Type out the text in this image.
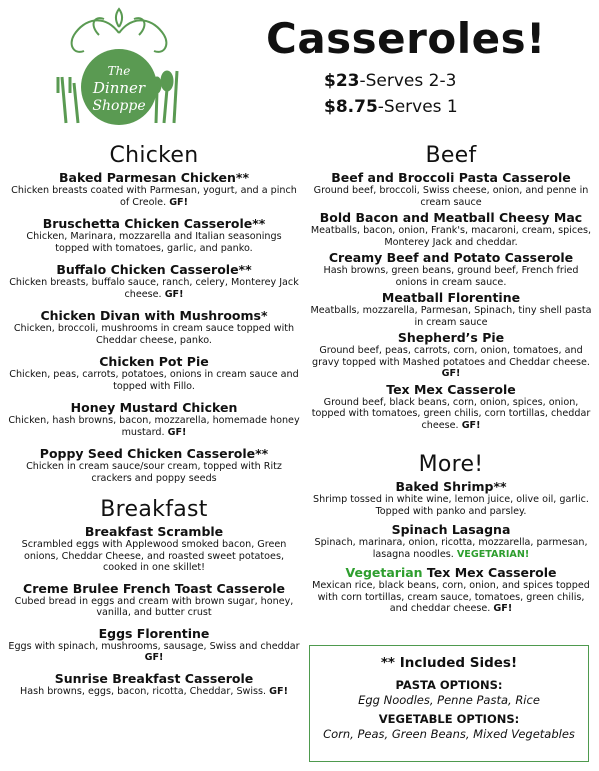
The
Dinner
Shoppe
Casseroles!
$23-Serves 2-3
$8.75-Serves 1
Chicken
Baked Parmesan Chicken**
Chicken breasts coated with Parmesan, yogurt, and a pinch of Creole. GF!
Bruschetta Chicken Casserole**
Chicken, Marinara, mozzarella and Italian seasonings topped with tomatoes, garlic, and panko.
Buffalo Chicken Casserole**
Chicken breasts, buffalo sauce, ranch, celery, Monterey Jack cheese. GF!
Chicken Divan with Mushrooms*
Chicken, broccoli, mushrooms in cream sauce topped with Cheddar cheese, panko.
Chicken Pot Pie
Chicken, peas, carrots, potatoes, onions in cream sauce and topped with Fillo.
Honey Mustard Chicken
Chicken, hash browns, bacon, mozzarella, homemade honey mustard. GF!
Poppy Seed Chicken Casserole**
Chicken in cream sauce/sour cream, topped with Ritz crackers and poppy seeds
Breakfast
Breakfast Scramble
Scrambled eggs with Applewood smoked bacon, Green onions, Cheddar Cheese, and roasted sweet potatoes, cooked in one skillet!
Creme Brulee French Toast Casserole
Cubed bread in eggs and cream with brown sugar, honey, vanilla, and butter crust
Eggs Florentine
Eggs with spinach, mushrooms, sausage, Swiss and cheddar GF!
Sunrise Breakfast Casserole
Hash browns, eggs, bacon, ricotta, Cheddar, Swiss. GF!
Beef
Beef and Broccoli Pasta Casserole
Ground beef, broccoli, Swiss cheese, onion, and penne in cream sauce
Bold Bacon and Meatball Cheesy Mac
Meatballs, bacon, onion, Frank's, macaroni, cream, spices, Monterey Jack and cheddar.
Creamy Beef and Potato Casserole
Hash browns, green beans, ground beef, French fried onions in cream sauce.
Meatball Florentine
Meatballs, mozzarella, Parmesan, Spinach, tiny shell pasta in cream sauce
Shepherd’s Pie
Ground beef, peas, carrots, corn, onion, tomatoes, and gravy topped with Mashed potatoes and Cheddar cheese. GF!
Tex Mex Casserole
Ground beef, black beans, corn, onion, spices, onion, topped with tomatoes, green chilis, corn tortillas, cheddar cheese. GF!
More!
Baked Shrimp**
Shrimp tossed in white wine, lemon juice, olive oil, garlic. Topped with panko and parsley.
Spinach Lasagna
Spinach, marinara, onion, ricotta, mozzarella, parmesan, lasagna noodles. VEGETARIAN!
Vegetarian Tex Mex Casserole
Mexican rice, black beans, corn, onion, and spices topped with corn tortillas, cream sauce, tomatoes, green chilis, and cheddar cheese. GF!
** Included Sides!
PASTA OPTIONS:
Egg Noodles, Penne Pasta, Rice
VEGETABLE OPTIONS:
Corn, Peas, Green Beans, Mixed Vegetables
